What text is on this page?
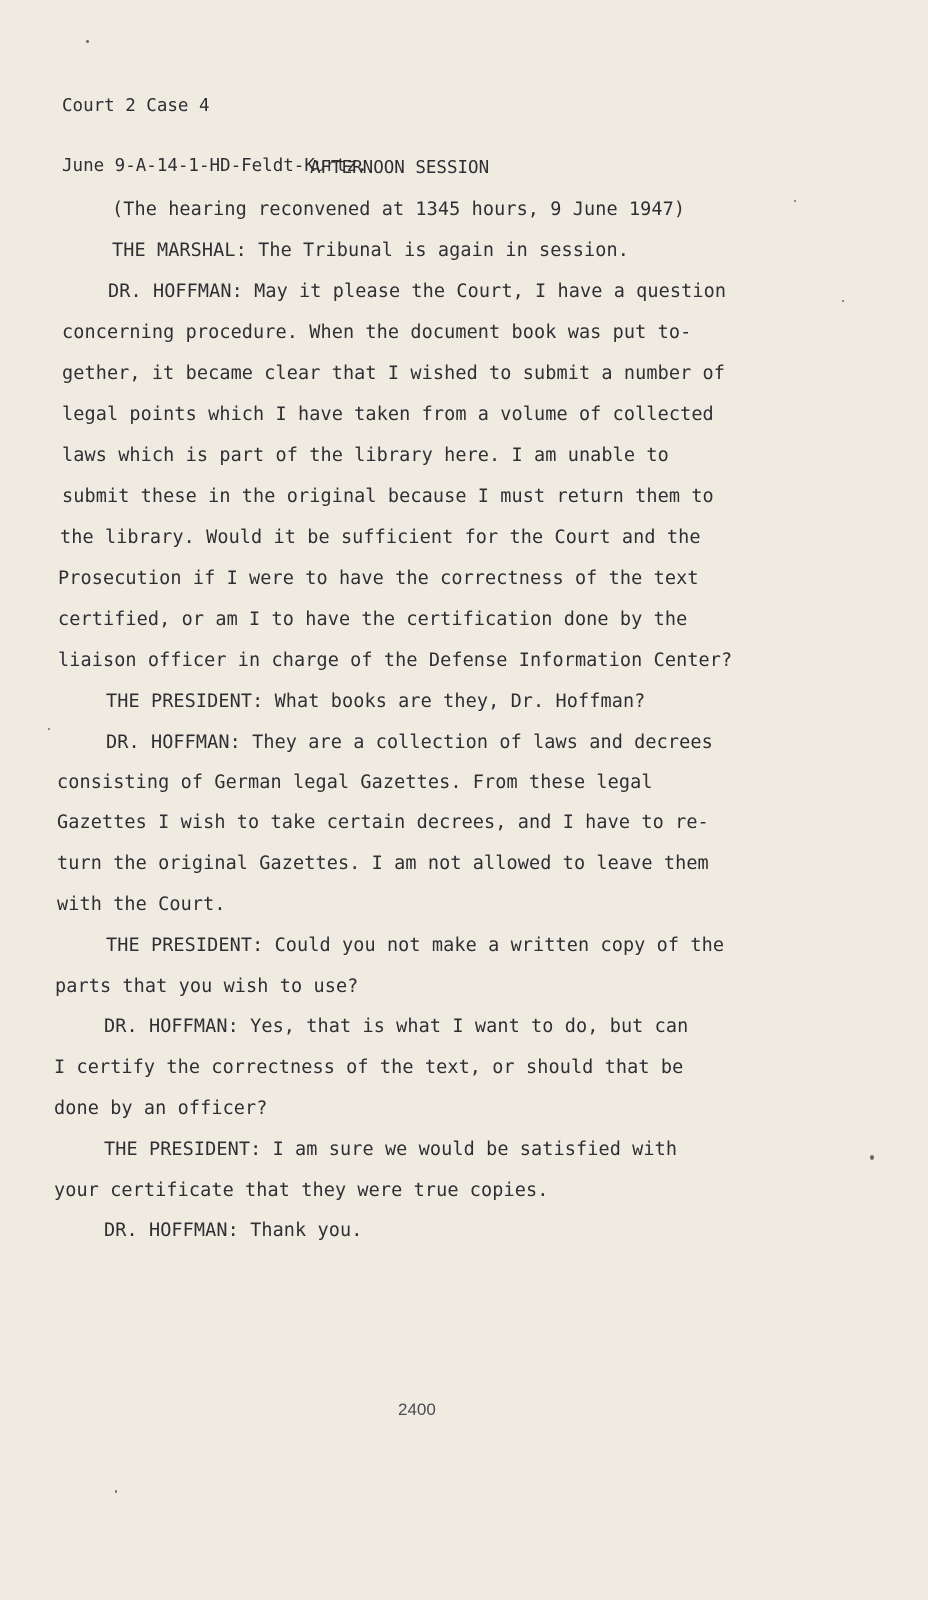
Court 2 Case 4

June 9-A-14-1-HD-Feldt-Kurtz.

AFTERNOON SESSION
(The hearing reconvened at 1345 hours, 9 June 1947)
THE MARSHAL: The Tribunal is again in session.
DR. HOFFMAN: May it please the Court, I have a question
concerning procedure. When the document book was put to-
gether, it became clear that I wished to submit a number of
legal points which I have taken from a volume of collected
laws which is part of the library here. I am unable to
submit these in the original because I must return them to
the library. Would it be sufficient for the Court and the
Prosecution if I were to have the correctness of the text
certified, or am I to have the certification done by the
liaison officer in charge of the Defense Information Center?
THE PRESIDENT: What books are they, Dr. Hoffman?
DR. HOFFMAN: They are a collection of laws and decrees
consisting of German legal Gazettes. From these legal
Gazettes I wish to take certain decrees, and I have to re-
turn the original Gazettes. I am not allowed to leave them
with the Court.
THE PRESIDENT: Could you not make a written copy of the
parts that you wish to use?
DR. HOFFMAN: Yes, that is what I want to do, but can
I certify the correctness of the text, or should that be
done by an officer?
THE PRESIDENT: I am sure we would be satisfied with
your certificate that they were true copies.
DR. HOFFMAN: Thank you.
2400
